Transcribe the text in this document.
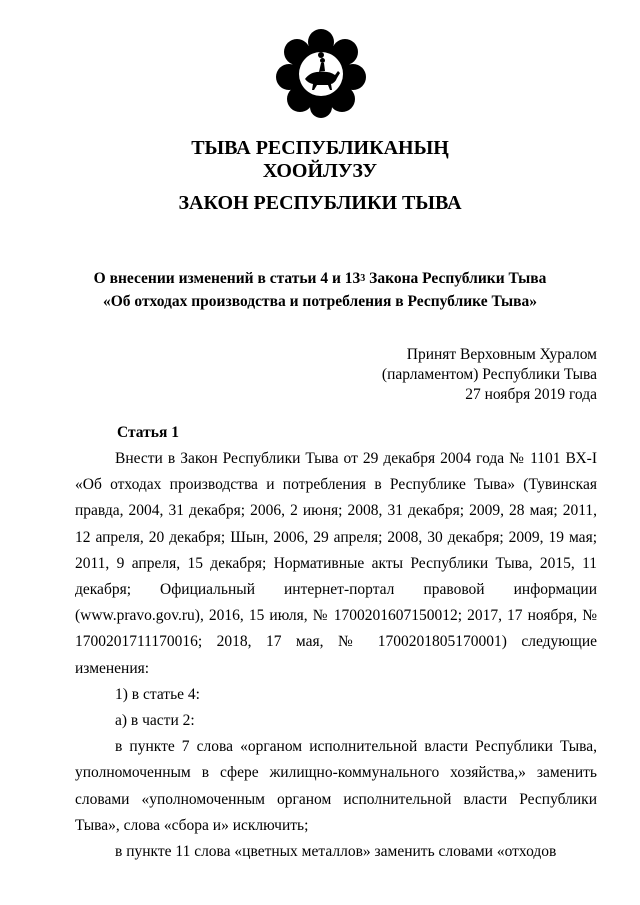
ТЫВА РЕСПУБЛИКАНЫҢ
ХООЙЛУЗУ
ЗАКОН РЕСПУБЛИКИ ТЫВА
О внесении изменений в статьи 4 и $13^3$ Закона Республики Тыва
«Об отходах производства и потребления в Республике Тыва»
Принят Верховным Хуралом
(парламентом) Республики Тыва
27 ноября 2019 года
Статья 1

Внести в Закон Республики Тыва от 29 декабря 2004 года № 1101 ВХ-I «Об отходах производства и потребления в Республике Тыва» (Тувинская правда, 2004, 31 декабря; 2006, 2 июня; 2008, 31 декабря; 2009, 28 мая; 2011, 12 апреля, 20 декабря; Шын, 2006, 29 апреля; 2008, 30 декабря; 2009, 19 мая; 2011, 9 апреля, 15 декабря; Нормативные акты Республики Тыва, 2015, 11 декабря; Официальный интернет-портал правовой информации (www.pravo.gov.ru), 2016, 15 июля, № 1700201607150012; 2017, 17 ноября, № 1700201711170016; 2018, 17 мая, № 1700201805170001) следующие изменения:

1) в статье 4:

а) в части 2:

в пункте 7 слова «органом исполнительной власти Республики Тыва, уполномоченным в сфере жилищно-коммунального хозяйства,» заменить словами «уполномоченным органом исполнительной власти Республики Тыва», слова «сбора и» исключить;

в пункте 11 слова «цветных металлов» заменить словами «отходов
